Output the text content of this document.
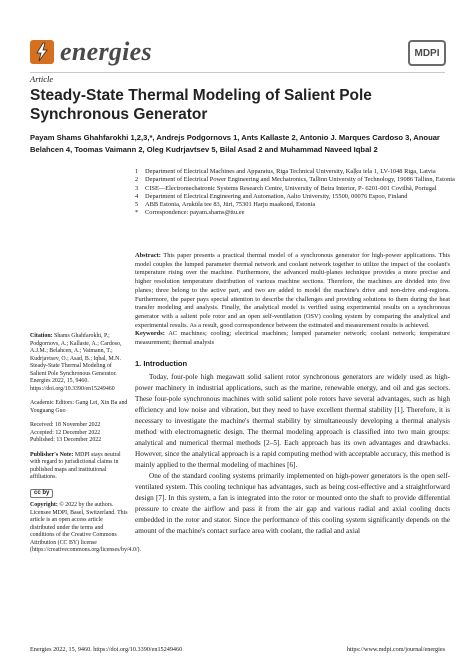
energies	MDPI
Article
Steady-State Thermal Modeling of Salient Pole Synchronous Generator
Payam Shams Ghahfarokhi 1,2,3,*, Andrejs Podgornovs 1, Ants Kallaste 2, Antonio J. Marques Cardoso 3, Anouar Belahcen 4, Toomas Vaimann 2, Oleg Kudrjavtsev 5, Bilal Asad 2 and Muhammad Naveed Iqbal 2
1	Department of Electrical Machines and Apparatus, Riga Technical University, Kaļķu iela 1, LV-1048 Riga, Latvia
2	Department of Electrical Power Engineering and Mechatronics, Tallinn University of Technology, 19086 Tallinn, Estonia
3	CISE—Electromechatronic Systems Research Centre, University of Beira Interior, P- 6201-001 Covilhã, Portugal
4	Department of Electrical Engineering and Automation, Aalto University, 15500, 00076 Espoo, Finland
5	ABB Estonia, Aruküla tee 83, Jüri, 75301 Harju maakond, Estonia
*	Correspondence: payam.shams@ttu.ee

Abstract: This paper presents a practical thermal model of a synchronous generator for high-power applications. This model couples the lumped parameter thermal network and coolant network together to utilize the impact of the coolant's temperature rising over the machine. Furthermore, the advanced multi-planes technique provides a more precise and higher resolution temperature distribution of various machine sections. Therefore, the machines are divided into five planes; three belong to the active part, and two are added to model the machine's drive and non-drive end-regions. Furthermore, the paper pays special attention to describe the challenges and providing solutions to them during the heat transfer modeling and analysis. Finally, the analytical model is verified using experimental results on a synchronous generator with a salient pole rotor and an open self-ventilation (OSV) cooling system by comparing the analytical and experimental results. As a result, good correspondence between the estimated and measurement results is achieved.

Keywords: AC machines; cooling; electrical machines; lumped parameter network; coolant network; temperature measurement; thermal analysis

1. Introduction

Today, four-pole high megawatt solid salient rotor synchronous generators are widely used as high-power machinery in industrial applications, such as the marine, renewable energy, and oil and gas sectors. These four-pole synchronous machines with solid salient pole rotors have several advantages, such as high efficiency and low noise and vibration, but they need to have excellent thermal stability [1]. Therefore, it is necessary to investigate the machine's thermal stability by simultaneously developing a thermal analysis method with electromagnetic design. The thermal modeling approach is classified into two main groups: analytical and numerical thermal methods [2–5]. Each approach has its own advantages and drawbacks. However, since the analytical approach is a rapid computing method with acceptable accuracy, this method is mainly applied to the thermal modeling of machines [6].

One of the standard cooling systems primarily implemented on high-power generators is the open self-ventilated system. This cooling technique has advantages, such as being cost-effective and a straightforward design [7]. In this system, a fan is integrated into the rotor or mounted onto the shaft to provide differential pressure to create the airflow and pass it from the air gap and various radial and axial cooling ducts embedded in the rotor and stator. Since the performance of this cooling system significantly depends on the amount of the machine's contact surface area with coolant, the radial and axial

Citation: Shams Ghahfarokhi, P.; Podgornovs, A.; Kallaste, A.; Cardoso, A.J.M.; Belahcen, A.; Vaimann, T.; Kudrjavtsev, O.; Asad, B.; Iqbal, M.N. Steady-State Thermal Modeling of Salient Pole Synchronous Generator. Energies 2022, 15, 9460. https://doi.org/10.3390/en15249460

Academic Editors: Gang Lei, Xin Ba and Youguang Guo

Received: 18 November 2022
Accepted: 12 December 2022
Published: 13 December 2022

Publisher's Note: MDPI stays neutral with regard to jurisdictional claims in published maps and institutional affiliations.

cc by

Copyright: © 2022 by the authors. Licensee MDPI, Basel, Switzerland. This article is an open access article distributed under the terms and conditions of the Creative Commons Attribution (CC BY) license (https://creativecommons.org/licenses/by/4.0/).

Energies 2022, 15, 9460. https://doi.org/10.3390/en15249460	https://www.mdpi.com/journal/energies
